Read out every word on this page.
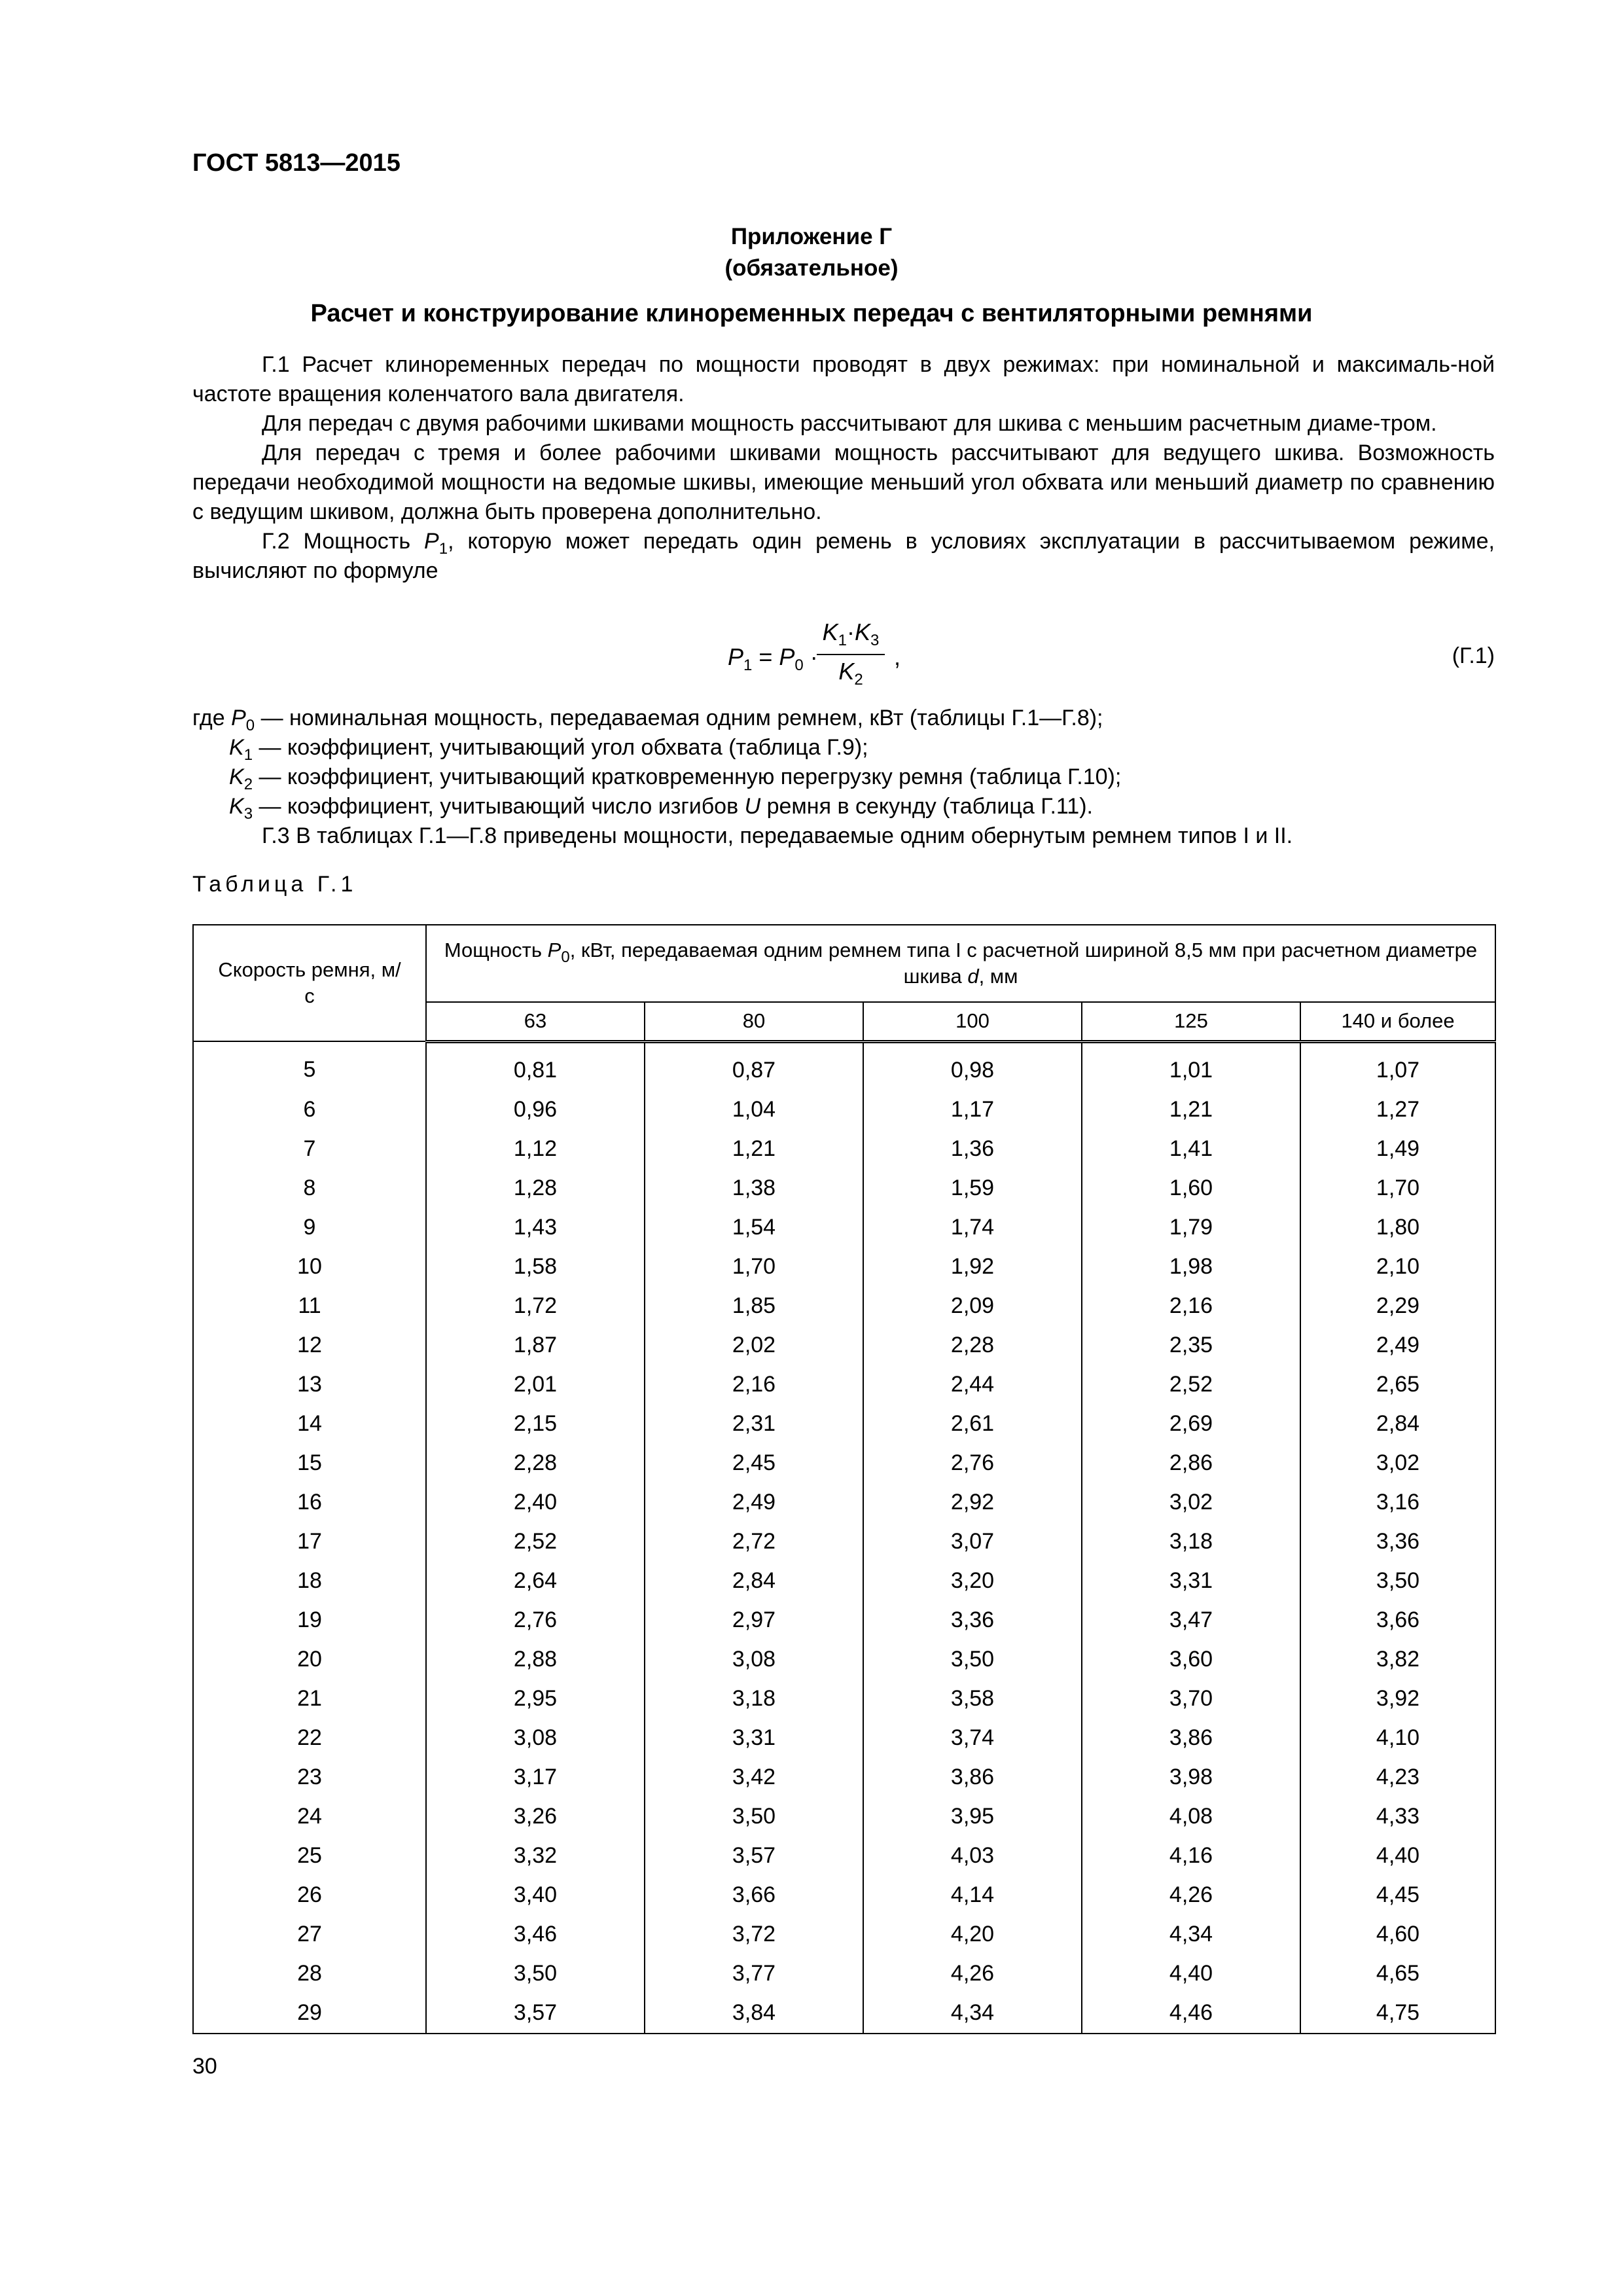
ГОСТ 5813—2015
Приложение Г
(обязательное)
Расчет и конструирование клиноременных передач с вентиляторными ремнями

Г.1 Расчет клиноременных передач по мощности проводят в двух режимах: при номинальной и максималь-ной частоте вращения коленчатого вала двигателя.

Для передач с двумя рабочими шкивами мощность рассчитывают для шкива с меньшим расчетным диаме-тром.

Для передач с тремя и более рабочими шкивами мощность рассчитывают для ведущего шкива. Возможность передачи необходимой мощности на ведомые шкивы, имеющие меньший угол обхвата или меньший диаметр по сравнению с ведущим шкивом, должна быть проверена дополнительно.

Г.2 Мощность $P_1$, которую может передать один ремень в условиях эксплуатации в рассчитываемом режиме, вычисляют по формуле

$P_1 = P_0$ ·
$K_1\cdot K_3$
$K_2$
,	(Г.1)
где $P_0$ — номинальная мощность, передаваемая одним ремнем, кВт (таблицы Г.1—Г.8);
$K_1$ — коэффициент, учитывающий угол обхвата (таблица Г.9);
$K_2$ — коэффициент, учитывающий кратковременную перегрузку ремня (таблица Г.10);
$K_3$ — коэффициент, учитывающий число изгибов U ремня в секунду (таблица Г.11).
Г.3 В таблицах Г.1—Г.8 приведены мощности, передаваемые одним обернутым ремнем типов I и II.
Таблица Г.1
Скорость ремня, м/с	Мощность $P_0$, кВт, передаваемая одним ремнем типа I с расчетной шириной 8,5 мм при расчетном диаметре шкива d, мм				
	63	80	100	125	140 и более
5	0,81	0,87	0,98	1,01	1,07
6	0,96	1,04	1,17	1,21	1,27
7	1,12	1,21	1,36	1,41	1,49
8	1,28	1,38	1,59	1,60	1,70
9	1,43	1,54	1,74	1,79	1,80
10	1,58	1,70	1,92	1,98	2,10
11	1,72	1,85	2,09	2,16	2,29
12	1,87	2,02	2,28	2,35	2,49
13	2,01	2,16	2,44	2,52	2,65
14	2,15	2,31	2,61	2,69	2,84
15	2,28	2,45	2,76	2,86	3,02
16	2,40	2,49	2,92	3,02	3,16
17	2,52	2,72	3,07	3,18	3,36
18	2,64	2,84	3,20	3,31	3,50
19	2,76	2,97	3,36	3,47	3,66
20	2,88	3,08	3,50	3,60	3,82
21	2,95	3,18	3,58	3,70	3,92
22	3,08	3,31	3,74	3,86	4,10
23	3,17	3,42	3,86	3,98	4,23
24	3,26	3,50	3,95	4,08	4,33
25	3,32	3,57	4,03	4,16	4,40
26	3,40	3,66	4,14	4,26	4,45
27	3,46	3,72	4,20	4,34	4,60
28	3,50	3,77	4,26	4,40	4,65
29	3,57	3,84	4,34	4,46	4,75
30
